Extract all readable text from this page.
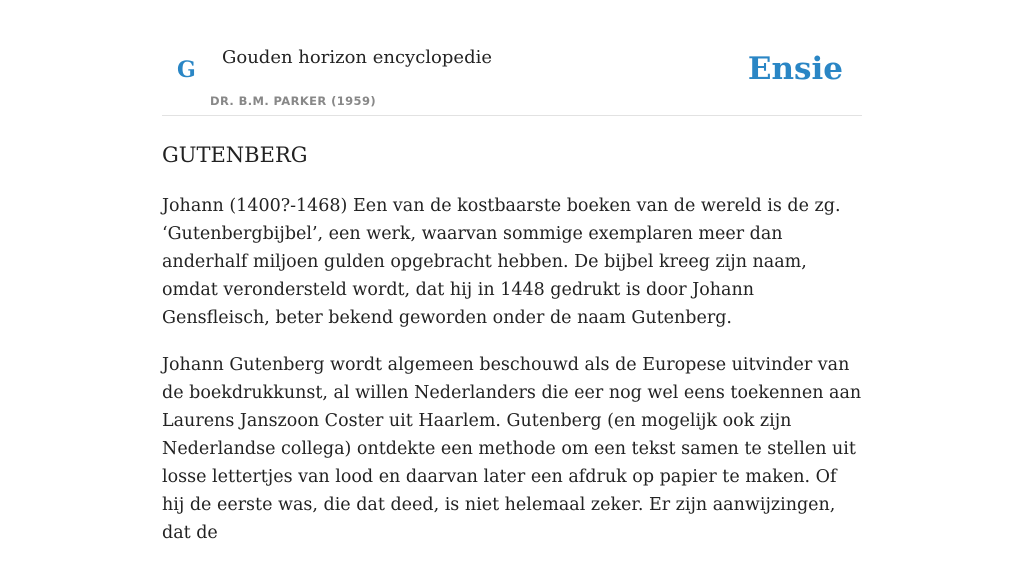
G Gouden horizon encyclopedie
DR. B.M. PARKER (1959)
Ensie
GUTENBERG

Johann (1400?-1468) Een van de kostbaarste boeken van de wereld is de zg. ‘Gutenbergbijbel’, een werk, waarvan sommige exemplaren meer dan anderhalf miljoen gulden opgebracht hebben. De bijbel kreeg zijn naam, omdat verondersteld wordt, dat hij in 1448 gedrukt is door Johann Gensfleisch, beter bekend geworden onder de naam Gutenberg.

Johann Gutenberg wordt algemeen beschouwd als de Europese uitvinder van de boekdrukkunst, al willen Nederlanders die eer nog wel eens toekennen aan Laurens Janszoon Coster uit Haarlem. Gutenberg (en mogelijk ook zijn Nederlandse collega) ontdekte een methode om een tekst samen te stellen uit losse lettertjes van lood en daarvan later een afdruk op papier te maken. Of hij de eerste was, die dat deed, is niet helemaal zeker. Er zijn aanwijzingen, dat de
